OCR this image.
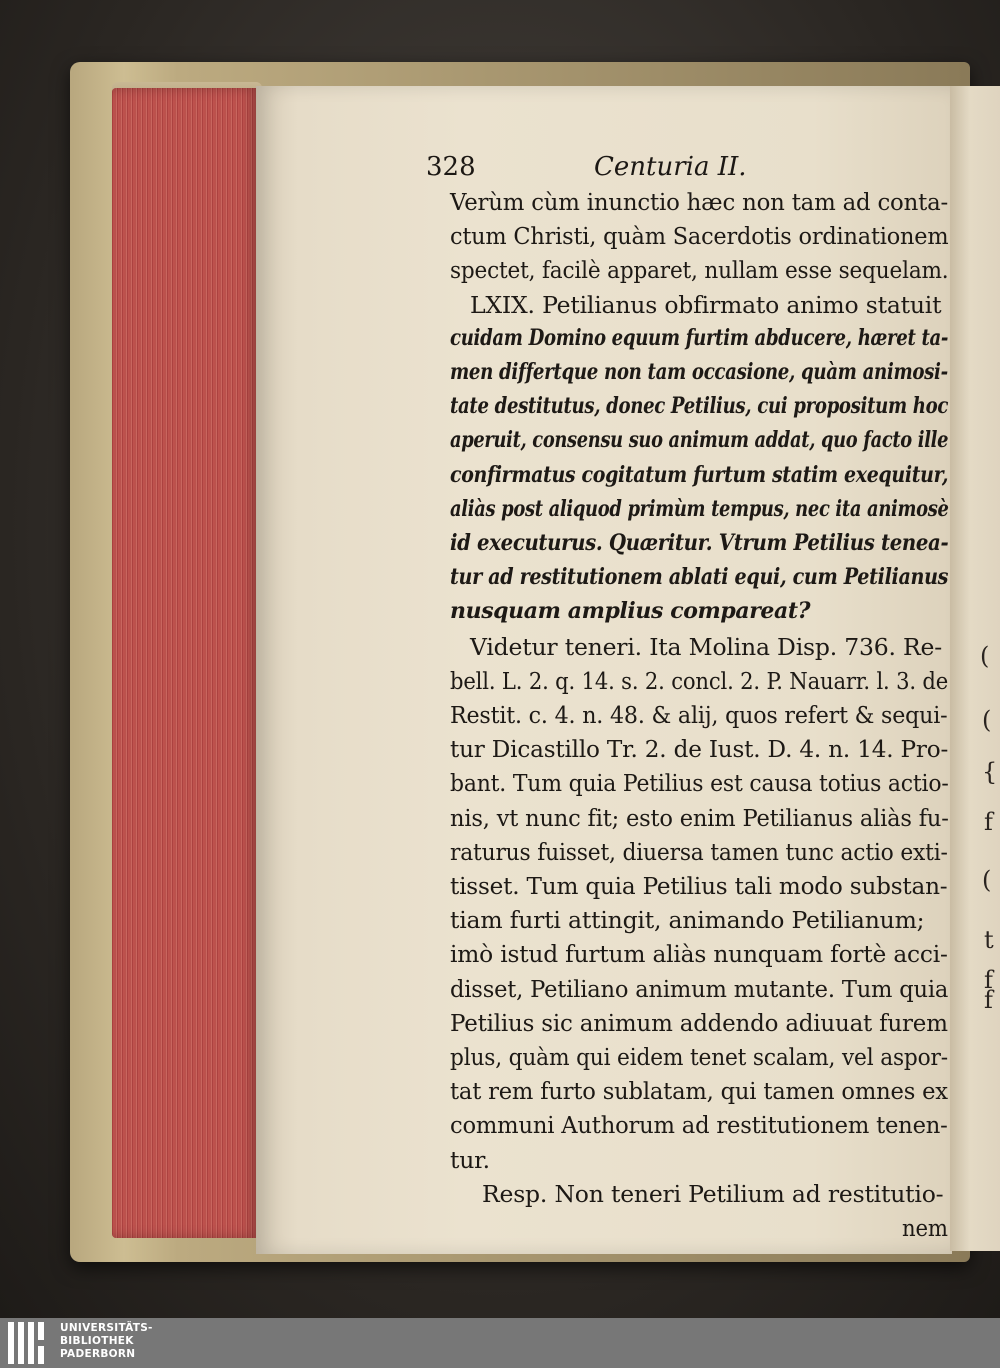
(
(
{
f
(
f
t
f
328	Centuria II.
Verùm cùm inunctio hæc non tam ad conta-
ctum Christi, quàm Sacerdotis ordinationem
spectet, facilè apparet, nullam esse sequelam.
LXIX. Petilianus obfirmato animo statuit
cuidam Domino equum furtim abducere, hæret ta-
men differtque non tam occasione, quàm animosi-
tate destitutus, donec Petilius, cui propositum hoc
aperuit, consensu suo animum addat, quo facto ille
confirmatus cogitatum furtum statim exequitur,
aliàs post aliquod primùm tempus, nec ita animosè
id executurus. Quæritur. Vtrum Petilius tenea-
tur ad restitutionem ablati equi, cum Petilianus
nusquam amplius compareat?
Videtur teneri. Ita Molina Disp. 736. Re-
bell. L. 2. q. 14. s. 2. concl. 2. P. Nauarr. l. 3. de
Restit. c. 4. n. 48. & alij, quos refert & sequi-
tur Dicastillo Tr. 2. de Iust. D. 4. n. 14. Pro-
bant. Tum quia Petilius est causa totius actio-
nis, vt nunc fit; esto enim Petilianus aliàs fu-
raturus fuisset, diuersa tamen tunc actio exti-
tisset. Tum quia Petilius tali modo substan-
tiam furti attingit, animando Petilianum;
imò istud furtum aliàs nunquam fortè acci-
disset, Petiliano animum mutante. Tum quia
Petilius sic animum addendo adiuuat furem
plus, quàm qui eidem tenet scalam, vel aspor-
tat rem furto sublatam, qui tamen omnes ex
communi Authorum ad restitutionem tenen-
tur.
Resp. Non teneri Petilium ad restitutio-
nem
UNIVERSITÄTS-
BIBLIOTHEK
PADERBORN
